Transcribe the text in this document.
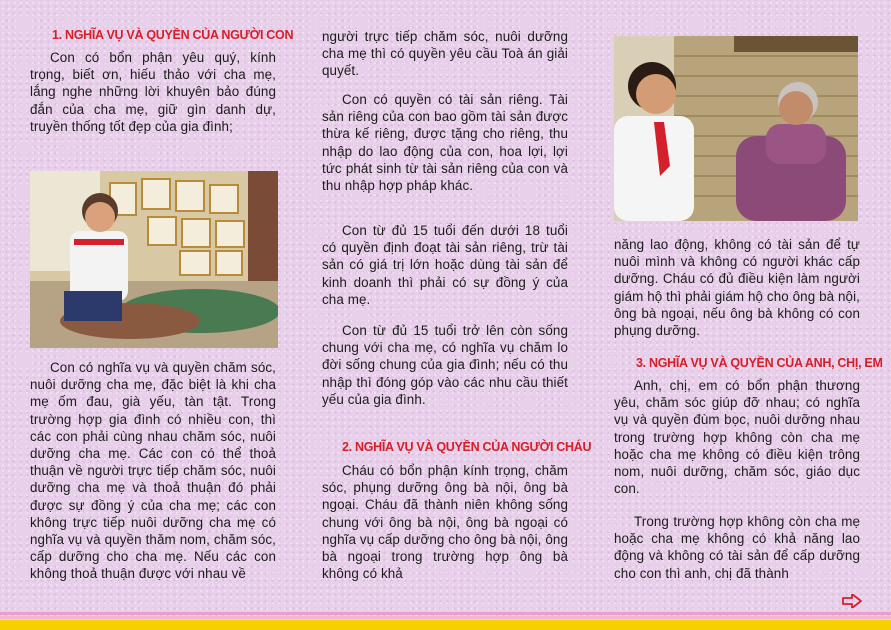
1. NGHĨA VỤ VÀ QUYỀN CỦA NGƯỜI CON

Con có bổn phận yêu quý, kính trọng, biết ơn, hiếu thảo với cha mẹ, lắng nghe những lời khuyên bảo đúng đắn của cha mẹ, giữ gìn danh dự, truyền thống tốt đẹp của gia đình;

Con có nghĩa vụ và quyền chăm sóc, nuôi dưỡng cha mẹ, đặc biệt là khi cha mẹ ốm đau, già yếu, tàn tật. Trong trường hợp gia đình có nhiều con, thì các con phải cùng nhau chăm sóc, nuôi dưỡng cha mẹ. Các con có thể thoả thuận về người trực tiếp chăm sóc, nuôi dưỡng cha mẹ và thoả thuận đó phải được sự đồng ý của cha mẹ; các con không trực tiếp nuôi dưỡng cha mẹ có nghĩa vụ và quyền thăm nom, chăm sóc, cấp dưỡng cho cha mẹ. Nếu các con không thoả thuận được với nhau về

người trực tiếp chăm sóc, nuôi dưỡng cha mẹ thì có quyền yêu cầu Toà án giải quyết.

Con có quyền có tài sản riêng. Tài sản riêng của con bao gồm tài sản được thừa kế riêng, được tặng cho riêng, thu nhập do lao động của con, hoa lợi, lợi tức phát sinh từ tài sản riêng của con và thu nhập hợp pháp khác.

Con từ đủ 15 tuổi đến dưới 18 tuổi có quyền định đoạt tài sản riêng, trừ tài sản có giá trị lớn hoặc dùng tài sản để kinh doanh thì phải có sự đồng ý của cha mẹ.

Con từ đủ 15 tuổi trở lên còn sống chung với cha mẹ, có nghĩa vụ chăm lo đời sống chung của gia đình; nếu có thu nhập thì đóng góp vào các nhu cầu thiết yếu của gia đình.

2. NGHĨA VỤ VÀ QUYỀN CỦA NGƯỜI CHÁU

Cháu có bổn phận kính trọng, chăm sóc, phụng dưỡng ông bà nội, ông bà ngoại. Cháu đã thành niên không sống chung với ông bà nội, ông bà ngoại có nghĩa vụ cấp dưỡng cho ông bà nội, ông bà ngoại trong trường hợp ông bà không có khả

năng lao động, không có tài sản để tự nuôi mình và không có người khác cấp dưỡng. Cháu có đủ điều kiện làm người giám hộ thì phải giám hộ cho ông bà nội, ông bà ngoại, nếu ông bà không có con phụng dưỡng.

3. NGHĨA VỤ VÀ QUYỀN CỦA ANH, CHỊ, EM

Anh, chị, em có bổn phận thương yêu, chăm sóc giúp đỡ nhau; có nghĩa vụ và quyền đùm bọc, nuôi dưỡng nhau trong trường hợp không còn cha mẹ hoặc cha mẹ không có điều kiện trông nom, nuôi dưỡng, chăm sóc, giáo dục con.

Trong trường hợp không còn cha mẹ hoặc cha mẹ không có khả năng lao động và không có tài sản để cấp dưỡng cho con thì anh, chị đã thành
